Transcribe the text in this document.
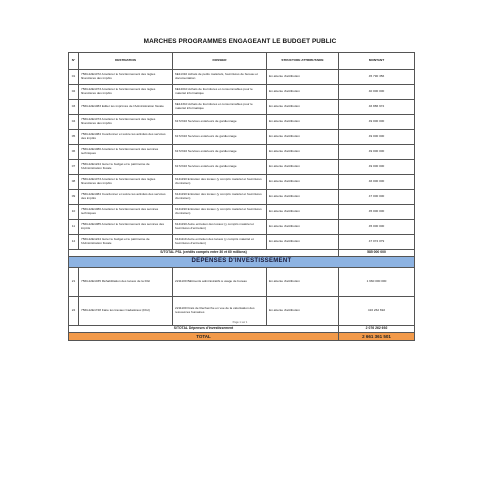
MARCHES PROGRAMMES ENGAGEANT LE BUDGET PUBLIC
N°	DESTINATION	DOSSIER	STRUCTURE ATTRIBUTAIRE	MONTANT
01	756G12E1072 Améliorer le fonctionnement des régies financières des impôts	6E11310 Achats de petits matériels, fournitures de bureau et documentation	En attente d'attribution	45 790 356
02	756G12E1073 Améliorer le fonctionnement des régies financières des impôts	6E12010 Achats de fournitures et consommables pour le matériel informatique	En attente d'attribution	40 000 000
03	756G12E1083 Editer les imprimés de l'Administration fiscale	6E14310 Achats de fournitures et consommables pour le matériel informatique	En attente d'attribution	46 886 972
04	756G12E1073 Améliorer le fonctionnement des régies financières des impôts	6172310 Services extérieurs de gardiennage	En attente d'attribution	49 000 000
05	756G12E1084 Coordonner et suivre les activités des services des impôts	6172310 Services extérieurs de gardiennage	En attente d'attribution	49 000 000
06	756G12E1080 Améliorer le fonctionnement des services techniques	6172310 Services extérieurs de gardiennage	En attente d'attribution	49 000 000
07	756G12E1224 Gérer le budget et le patrimoine de l'Administration fiscale	6172310 Services extérieurs de gardiennage	En attente d'attribution	49 000 000
08	756G12E1073 Améliorer le fonctionnement des régies financières des impôts	6141190 Entretien des locaux (y compris matériel et fournitures d'entretien)	En attente d'attribution	46 000 000
09	756G12E1084 Coordonner et suivre les activités des services des impôts	6141190 Entretien des locaux (y compris matériel et fournitures d'entretien)	En attente d'attribution	47 000 000
10	756G12E1080 Améliorer le fonctionnement des services techniques	6141190 Entretien des locaux (y compris matériel et fournitures d'entretien)	En attente d'attribution	45 000 000
11	756G12E1085 Améliorer le fonctionnement des services des impôts	6141190 Autre entretien des locaux (y compris matériel et fournitures d'entretien)	En attente d'attribution	45 000 000
12	756G12E1224 Gérer le budget et le patrimoine de l'Administration fiscale	6141119 Autre entretien des locaux (y compris matériel et fournitures d'entretien)	En attente d'attribution	47 072 079
S/TOTAL PSL (crédits compris entre 30 et 60 millions)				585 000 000
DEPENSES D'INVESTISSEMENT				
21	756G12E1035 Réhabilitation des locaux de la DGI	2211100 Bâtiments administratifs à usage de bureau	En attente d'attribution	1 960 000 000
22	756G12E1728 Faire les travaux Cadastraux (DGI)	2211100 Frais de Recherche en vue de la valorisation des ressources humaines	En attente d'attribution	416 262 692
S/TOTAL Dépenses d'investissement				2 076 262 692
TOTAL				2 661 361 501
Page 1 sur 1
